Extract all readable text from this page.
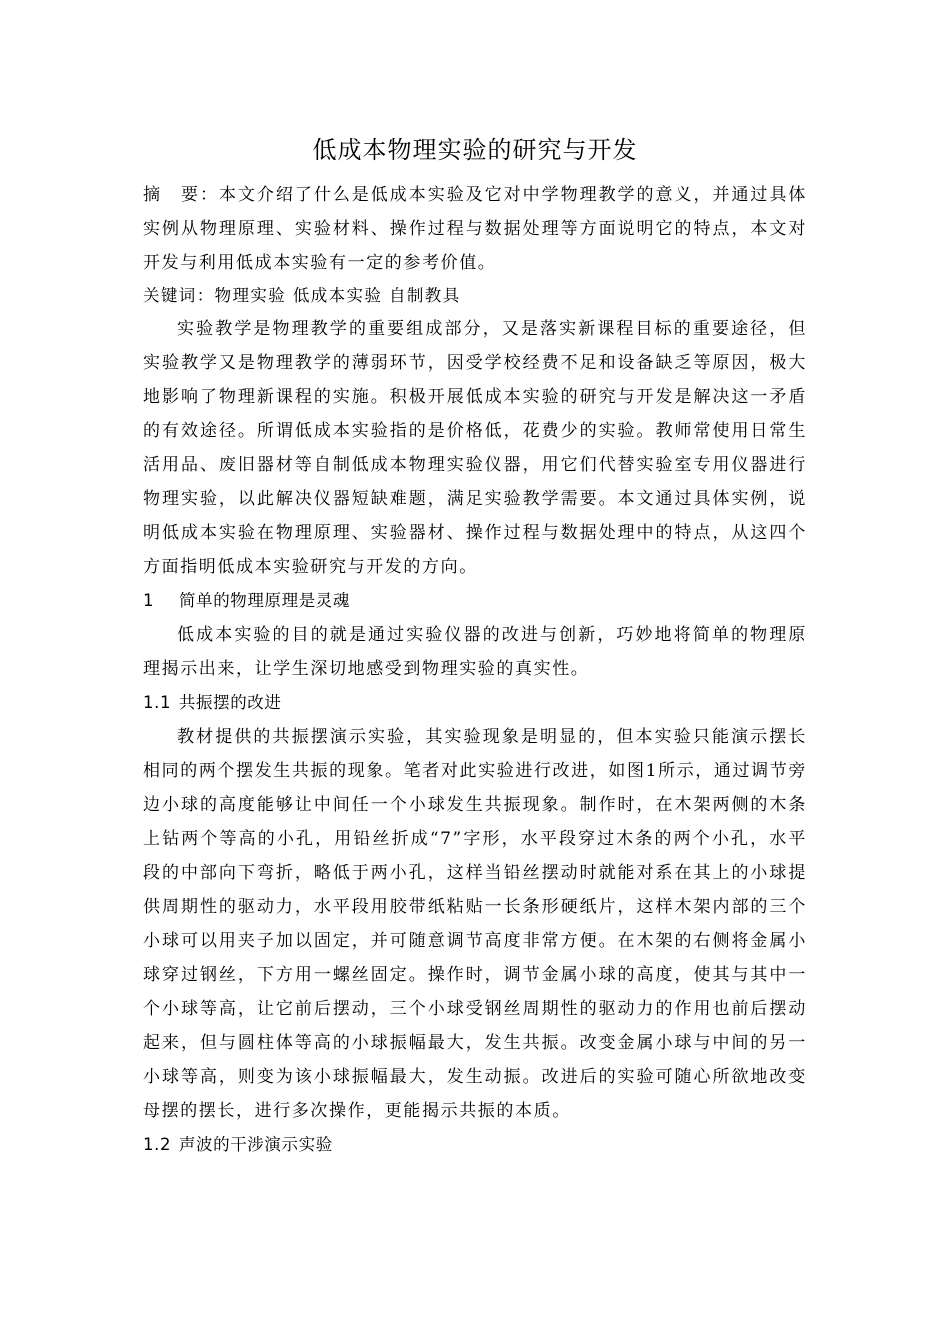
低成本物理实验的研究与开发

摘　要：本文介绍了什么是低成本实验及它对中学物理教学的意义，并通过具体实例从物理原理、实验材料、操作过程与数据处理等方面说明它的特点，本文对开发与利用低成本实验有一定的参考价值。

关键词：物理实验 低成本实验 自制教具

实验教学是物理教学的重要组成部分，又是落实新课程目标的重要途径，但实验教学又是物理教学的薄弱环节，因受学校经费不足和设备缺乏等原因，极大地影响了物理新课程的实施。积极开展低成本实验的研究与开发是解决这一矛盾的有效途径。所谓低成本实验指的是价格低，花费少的实验。教师常使用日常生活用品、废旧器材等自制低成本物理实验仪器，用它们代替实验室专用仪器进行物理实验，以此解决仪器短缺难题，满足实验教学需要。本文通过具体实例，说明低成本实验在物理原理、实验器材、操作过程与数据处理中的特点，从这四个方面指明低成本实验研究与开发的方向。

1 简单的物理原理是灵魂

低成本实验的目的就是通过实验仪器的改进与创新，巧妙地将简单的物理原理揭示出来，让学生深切地感受到物理实验的真实性。

1.1 共振摆的改进

教材提供的共振摆演示实验，其实验现象是明显的，但本实验只能演示摆长相同的两个摆发生共振的现象。笔者对此实验进行改进，如图1所示，通过调节旁边小球的高度能够让中间任一个小球发生共振现象。制作时，在木架两侧的木条上钻两个等高的小孔，用铅丝折成“7”字形，水平段穿过木条的两个小孔，水平段的中部向下弯折，略低于两小孔，这样当铅丝摆动时就能对系在其上的小球提供周期性的驱动力，水平段用胶带纸粘贴一长条形硬纸片，这样木架内部的三个小球可以用夹子加以固定，并可随意调节高度非常方便。在木架的右侧将金属小球穿过钢丝，下方用一螺丝固定。操作时，调节金属小球的高度，使其与其中一个小球等高，让它前后摆动，三个小球受钢丝周期性的驱动力的作用也前后摆动起来，但与圆柱体等高的小球振幅最大，发生共振。改变金属小球与中间的另一小球等高，则变为该小球振幅最大，发生动振。改进后的实验可随心所欲地改变母摆的摆长，进行多次操作，更能揭示共振的本质。

1.2 声波的干涉演示实验
